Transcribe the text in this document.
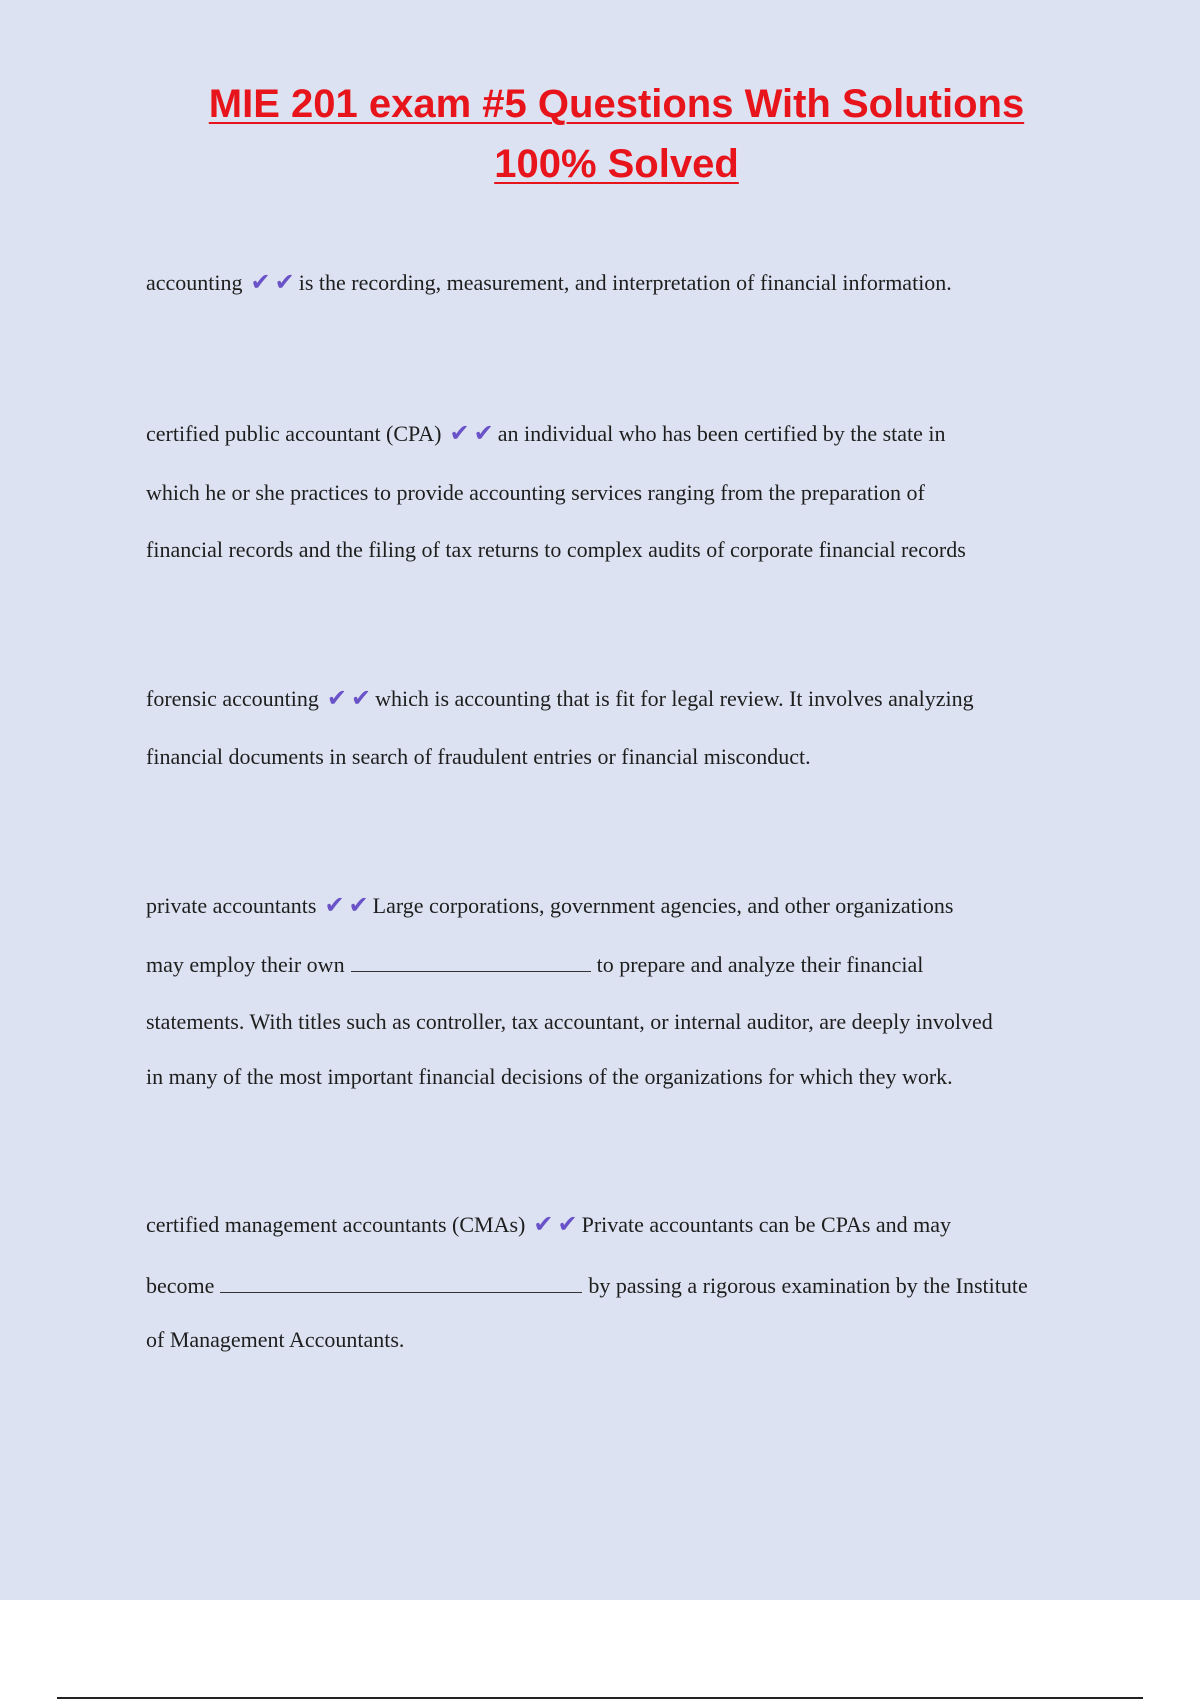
MIE 201 exam #5 Questions With Solutions
100% Solved

accounting ✔ ✔ is the recording, measurement, and interpretation of financial information.

certified public accountant (CPA) ✔ ✔ an individual who has been certified by the state in

which he or she practices to provide accounting services ranging from the preparation of

financial records and the filing of tax returns to complex audits of corporate financial records

forensic accounting ✔ ✔ which is accounting that is fit for legal review. It involves analyzing

financial documents in search of fraudulent entries or financial misconduct.

private accountants ✔ ✔ Large corporations, government agencies, and other organizations

may employ their own	to prepare and analyze their financial

statements. With titles such as controller, tax accountant, or internal auditor, are deeply involved

in many of the most important financial decisions of the organizations for which they work.

certified management accountants (CMAs) ✔ ✔ Private accountants can be CPAs and may

become	by passing a rigorous examination by the Institute

of Management Accountants.
